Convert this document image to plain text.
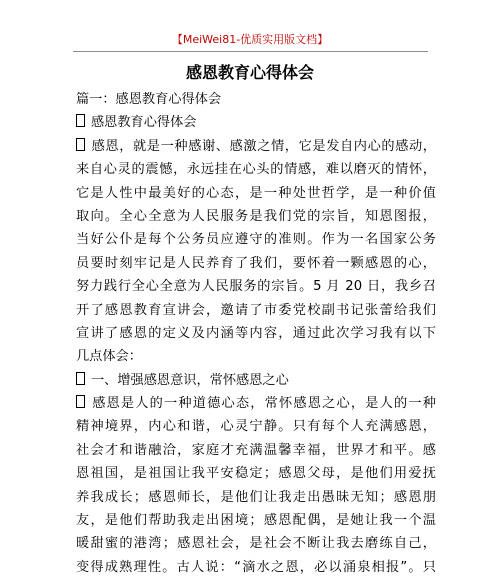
【MeiWei81-优质实用版文档】
感恩教育心得体会
篇一：感恩教育心得体会
感恩教育心得体会
感恩，就是一种感谢、感激之情，它是发自内心的感动，
来自心灵的震憾，永远挂在心头的情感，难以磨灭的情怀，
它是人性中最美好的心态，是一种处世哲学，是一种价值
取向。全心全意为人民服务是我们党的宗旨，知恩图报，
当好公仆是每个公务员应遵守的准则。作为一名国家公务
员要时刻牢记是人民养育了我们，要怀着一颗感恩的心，
努力践行全心全意为人民服务的宗旨。5 月 20 日，我乡召
开了感恩教育宣讲会，邀请了市委党校副书记张蕾给我们
宣讲了感恩的定义及内涵等内容，通过此次学习我有以下
几点体会：
一、增强感恩意识，常怀感恩之心
感恩是人的一种道德心态，常怀感恩之心，是人的一种
精神境界，内心和谐，心灵宁静。只有每个人充满感恩，
社会才和谐融洽，家庭才充满温馨幸福，世界才和平。感
恩祖国，是祖国让我平安稳定；感恩父母，是他们用爱抚
养我成长；感恩师长，是他们让我走出愚昧无知；感恩朋
友，是他们帮助我走出困境；感恩配偶，是她让我一个温
暖甜蜜的港湾；感恩社会，是社会不断让我去磨练自己，
变得成熟理性。古人说：“滴水之恩，必以涌泉相报”。只
